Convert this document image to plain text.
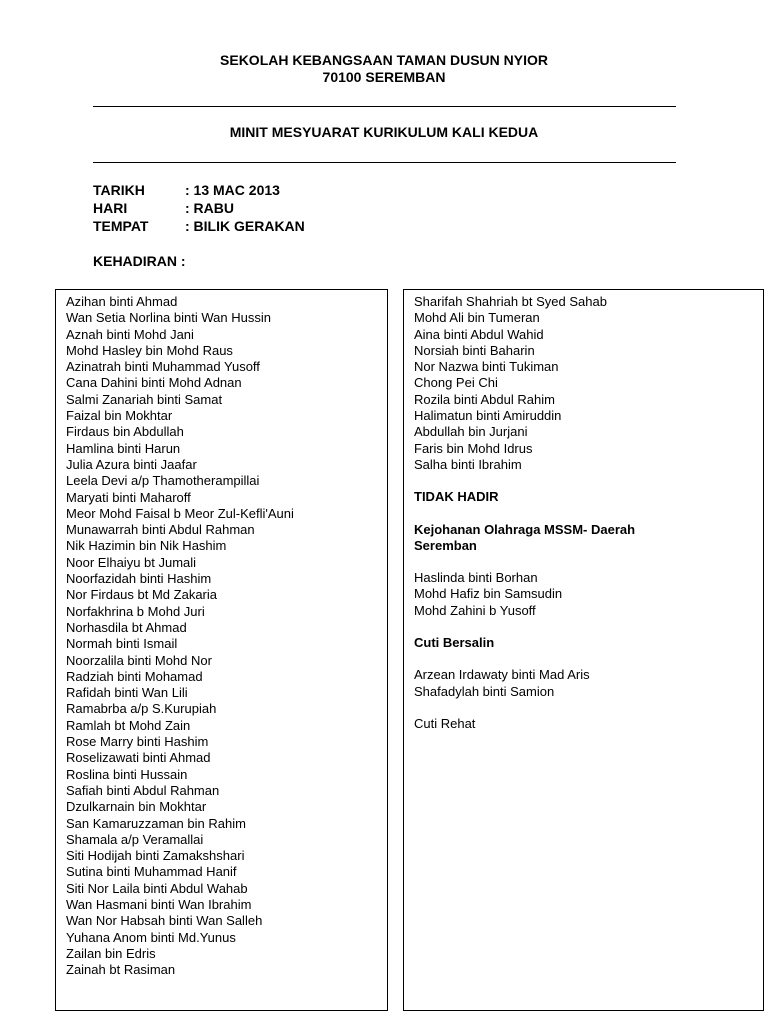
SEKOLAH KEBANGSAAN TAMAN DUSUN NYIOR
70100 SEREMBAN
MINIT MESYUARAT KURIKULUM KALI KEDUA
TARIKH	: 13 MAC 2013
HARI	: RABU
TEMPAT	: BILIK GERAKAN
KEHADIRAN :
Azihan binti Ahmad
Wan Setia Norlina binti Wan Hussin
Aznah binti Mohd Jani
Mohd Hasley bin Mohd Raus
Azinatrah binti Muhammad Yusoff
Cana Dahini binti Mohd Adnan
Salmi Zanariah binti Samat
Faizal bin Mokhtar
Firdaus bin Abdullah
Hamlina binti Harun
Julia Azura binti Jaafar
Leela Devi a/p Thamotherampillai
Maryati binti Maharoff
Meor Mohd Faisal b Meor Zul-Kefli'Auni
Munawarrah binti Abdul Rahman
Nik Hazimin bin Nik Hashim
Noor Elhaiyu bt Jumali
Noorfazidah binti Hashim
Nor Firdaus bt Md Zakaria
Norfakhrina b Mohd Juri
Norhasdila bt Ahmad
Normah binti Ismail
Noorzalila binti Mohd Nor
Radziah binti Mohamad
Rafidah binti Wan Lili
Ramabrba a/p S.Kurupiah
Ramlah bt Mohd Zain
Rose Marry binti Hashim
Roselizawati binti Ahmad
Roslina binti Hussain
Safiah binti Abdul Rahman
Dzulkarnain bin Mokhtar
San Kamaruzzaman bin Rahim
Shamala a/p Veramallai
Siti Hodijah binti Zamakshshari
Sutina binti Muhammad Hanif
Siti Nor Laila binti Abdul Wahab
Wan Hasmani binti Wan Ibrahim
Wan Nor Habsah binti Wan Salleh
Yuhana Anom binti Md.Yunus
Zailan bin Edris
Zainah bt Rasiman
Sharifah Shahriah bt Syed Sahab
Mohd Ali bin Tumeran
Aina binti Abdul Wahid
Norsiah binti Baharin
Nor Nazwa binti Tukiman
Chong Pei Chi
Rozila binti Abdul Rahim
Halimatun binti Amiruddin
Abdullah bin Jurjani
Faris bin Mohd Idrus
Salha binti Ibrahim
TIDAK HADIR
Kejohanan Olahraga MSSM- Daerah Seremban
Haslinda binti Borhan
Mohd Hafiz bin Samsudin
Mohd Zahini b Yusoff
Cuti Bersalin
Arzean Irdawaty binti Mad Aris
Shafadylah binti Samion
Cuti Rehat
